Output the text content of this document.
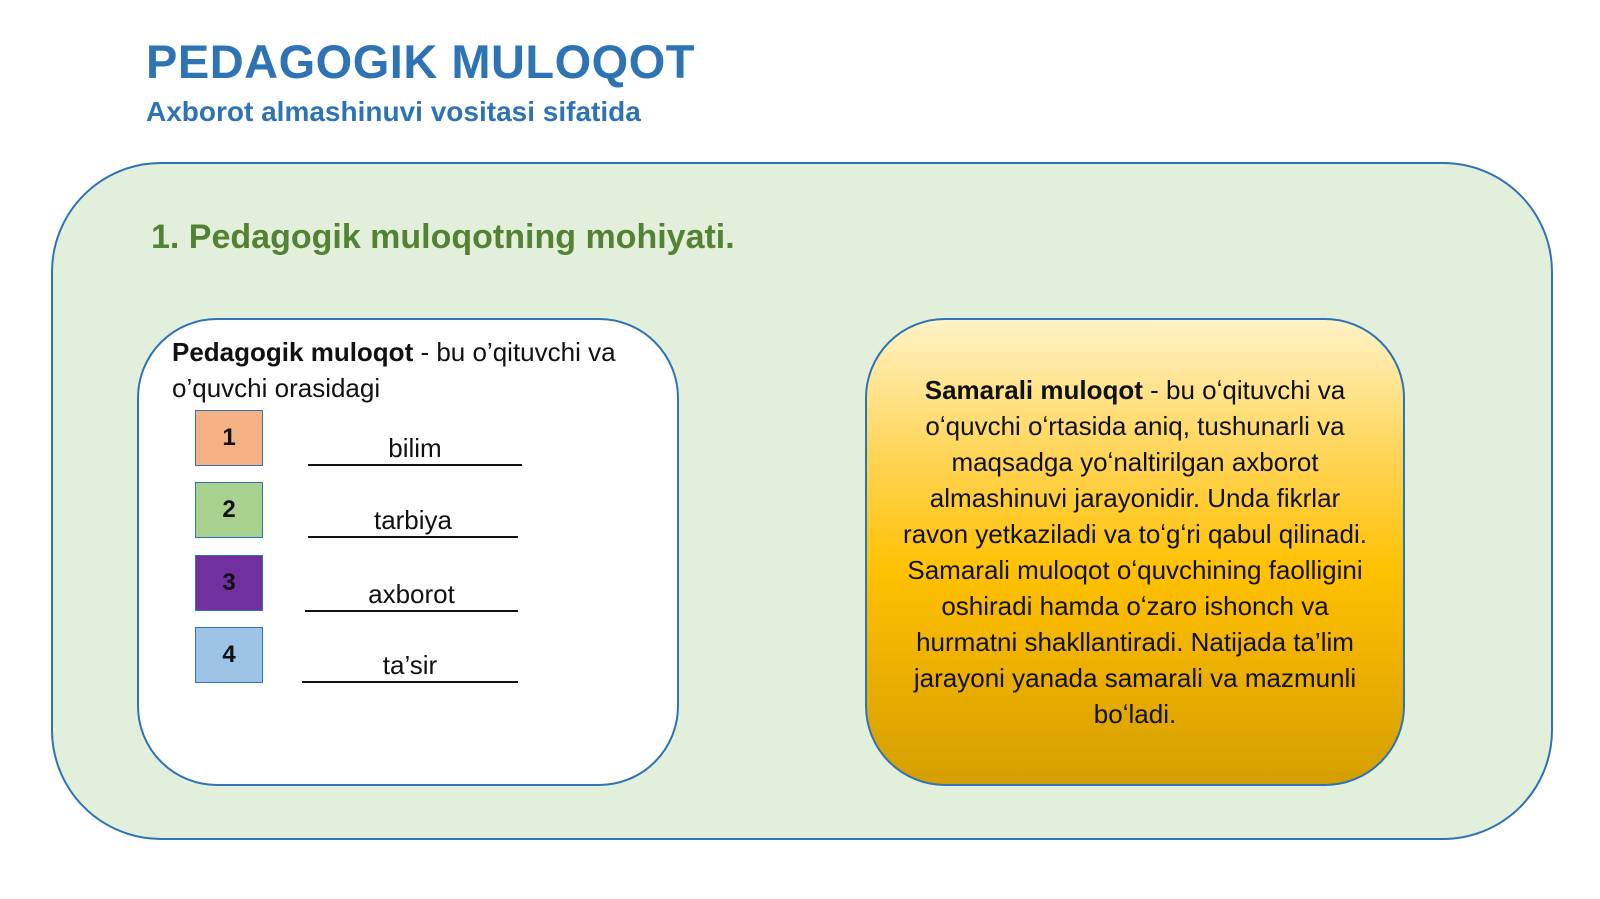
PEDAGOGIK MULOQOT
Axborot almashinuvi vositasi sifatida
1. Pedagogik muloqotning mohiyati.
Pedagogik muloqot - bu o’qituvchi va o’quvchi orasidagi
1	bilim
2	tarbiya
3	axborot
4	ta’sir
Samarali muloqot - bu oʻqituvchi va oʻquvchi oʻrtasida aniq, tushunarli va maqsadga yoʻnaltirilgan axborot almashinuvi jarayonidir. Unda fikrlar ravon yetkaziladi va toʻgʻri qabul qilinadi. Samarali muloqot oʻquvchining faolligini oshiradi hamda oʻzaro ishonch va hurmatni shakllantiradi. Natijada ta’lim jarayoni yanada samarali va mazmunli boʻladi.
